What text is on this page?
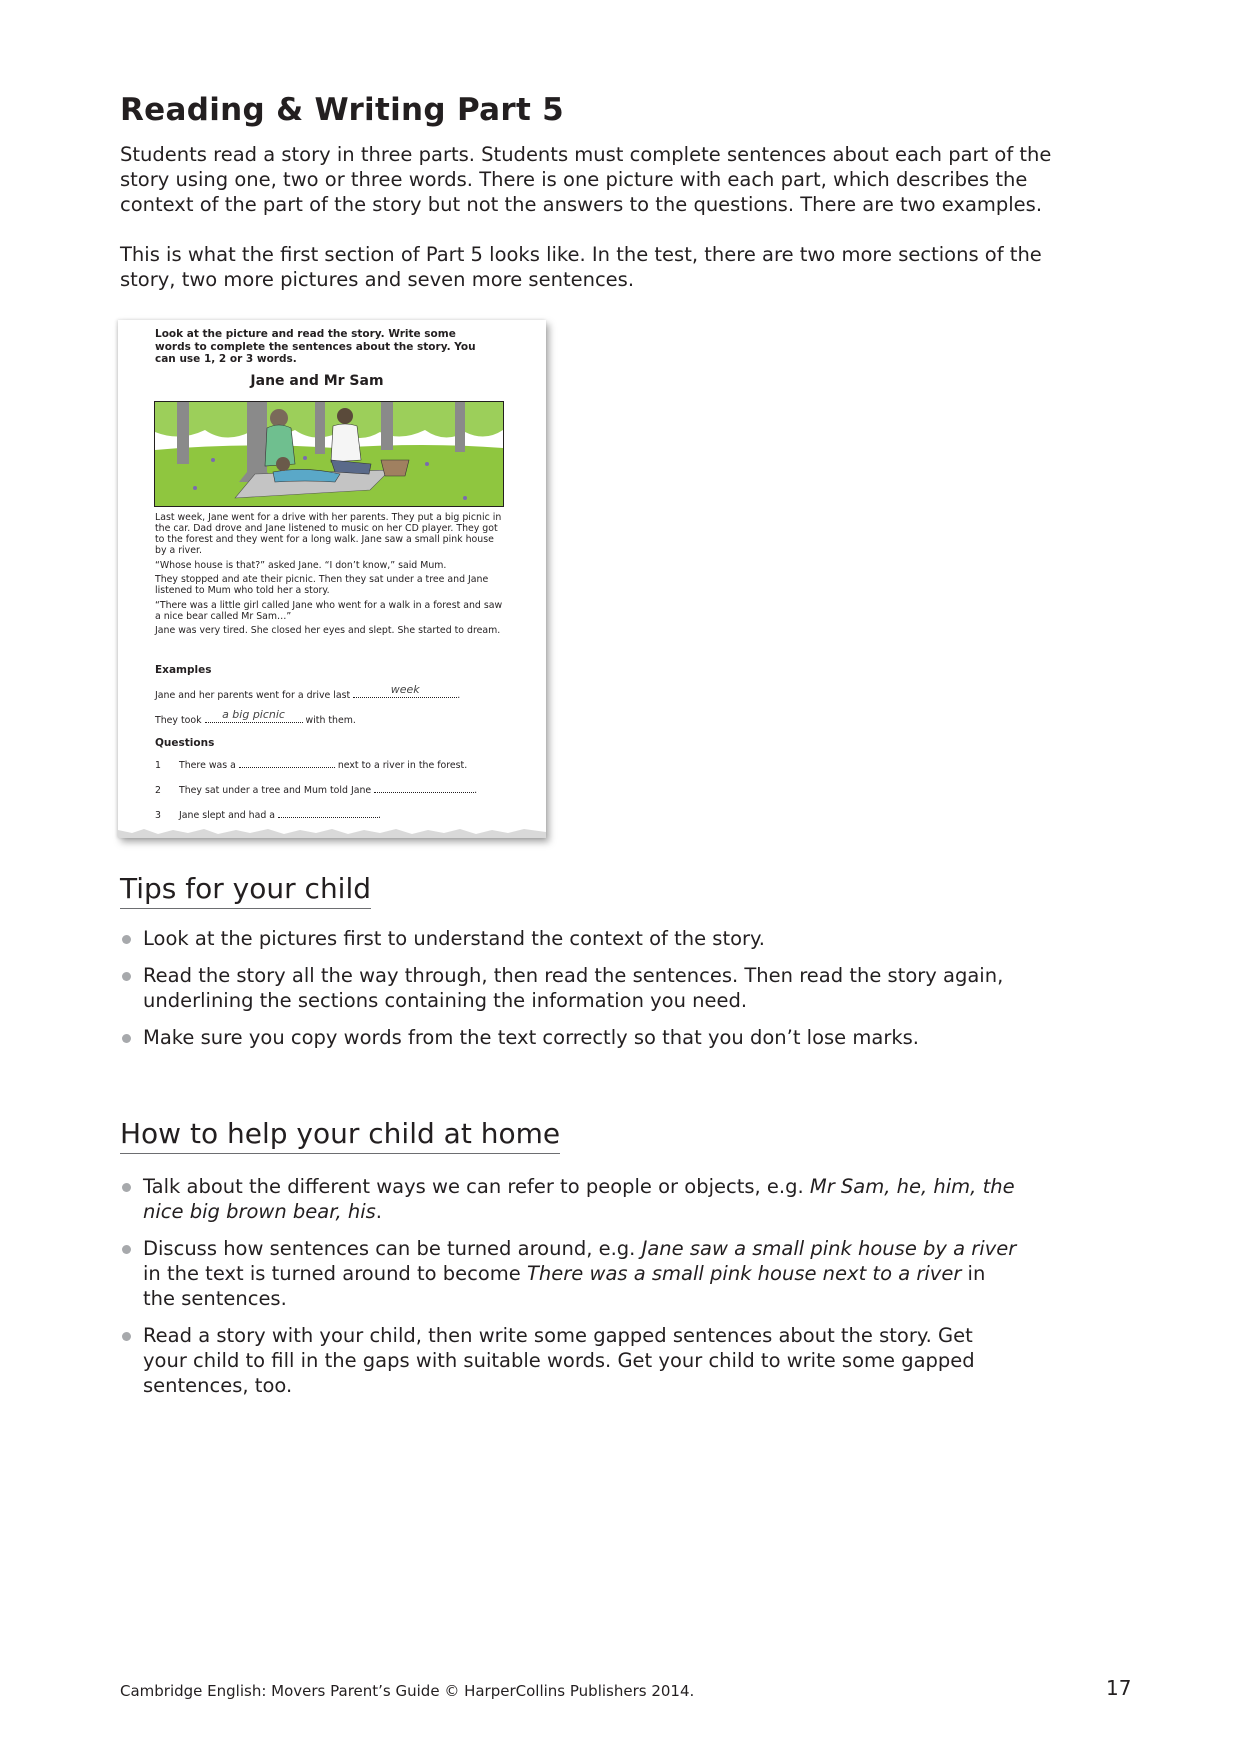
Reading & Writing Part 5

Students read a story in three parts. Students must complete sentences about each part of the story using one, two or three words. There is one picture with each part, which describes the context of the part of the story but not the answers to the questions. There are two examples.

This is what the first section of Part 5 looks like. In the test, there are two more sections of the story, two more pictures and seven more sentences.

Look at the picture and read the story. Write some words to complete the sentences about the story. You can use 1, 2 or 3 words.
Jane and Mr Sam

Last week, Jane went for a drive with her parents. They put a big picnic in the car. Dad drove and Jane listened to music on her CD player. They got to the forest and they went for a long walk. Jane saw a small pink house by a river.

“Whose house is that?” asked Jane. “I don’t know,” said Mum.

They stopped and ate their picnic. Then they sat under a tree and Jane listened to Mum who told her a story.

“There was a little girl called Jane who went for a walk in a forest and saw a nice bear called Mr Sam…”

Jane was very tired. She closed her eyes and slept. She started to dream.

Examples
Jane and her parents went for a drive last	week	.
They took	a big picnic	with them.
Questions
1 There was a	next to a river in the forest.
2 They sat under a tree and Mum told Jane	.
3 Jane slept and had a	.
Tips for your child
Look at the pictures first to understand the context of the story.
Read the story all the way through, then read the sentences. Then read the story again, underlining the sections containing the information you need.
Make sure you copy words from the text correctly so that you don’t lose marks.
How to help your child at home
Talk about the different ways we can refer to people or objects, e.g. Mr Sam, he, him, the nice big brown bear, his.
Discuss how sentences can be turned around, e.g. Jane saw a small pink house by a river in the text is turned around to become There was a small pink house next to a river in the sentences.
Read a story with your child, then write some gapped sentences about the story. Get your child to fill in the gaps with suitable words. Get your child to write some gapped sentences, too.
Cambridge English: Movers Parent’s Guide © HarperCollins Publishers 2014.	17
